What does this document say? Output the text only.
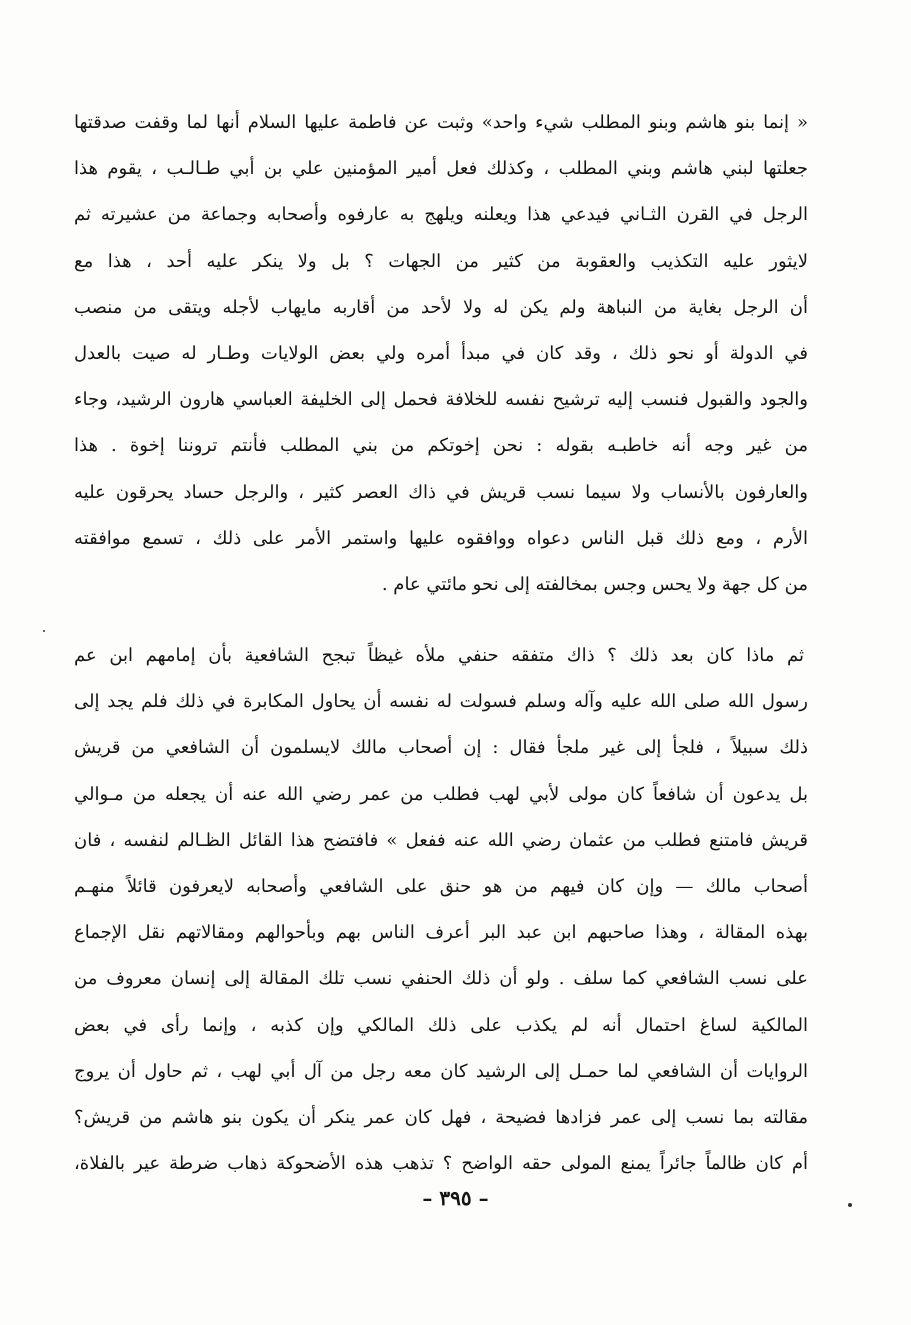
« إنما بنو هاشم وبنو المطلب شيء واحد» وثبت عن فاطمة عليها السلام أنها لما وقفت صدقتها
جعلتها لبني هاشم وبني المطلب ، وكذلك فعل أمير المؤمنين علي بن أبي طـالـب ، يقوم هذا
الرجل في القرن الثـاني فيدعي هذا ويعلنه ويلهج به عارفوه وأصحابه وجماعة من عشيرته ثم
لايثور عليه التكذيب والعقوبة من كثير من الجهات ؟ بل ولا ينكر عليه أحد ، هذا مع
أن الرجل بغاية من النباهة ولم يكن له ولا لأحد من أقاربه مايهاب لأجله ويتقى من منصب
في الدولة أو نحو ذلك ، وقد كان في مبدأ أمره ولي بعض الولايات وطـار له صيت بالعدل
والجود والقبول فنسب إليه ترشيح نفسه للخلافة فحمل إلى الخليفة العباسي هارون الرشيد، وجاء
من غير وجه أنه خاطبـه بقوله : نحن إخوتكم من بني المطلب فأنتم تروننا إخوة . هذا
والعارفون بالأنساب ولا سيما نسب قريش في ذاك العصر كثير ، والرجل حساد يحرقون عليه
الأرم ، ومع ذلك قبل الناس دعواه ووافقوه عليها واستمر الأمر على ذلك ، تسمع موافقته
من كل جهة ولا يحس وجس بمخالفته إلى نحو مائتي عام .
ثم ماذا كان بعد ذلك ؟ ذاك متفقه حنفي ملأه غيظاً تبجح الشافعية بأن إمامهم ابن عم
رسول الله صلى الله عليه وآله وسلم فسولت له نفسه أن يحاول المكابرة في ذلك فلم يجد إلى
ذلك سبيلاً ، فلجأ إلى غير ملجأ فقال : إن أصحاب مالك لايسلمون أن الشافعي من قريش
بل يدعون أن شافعاً كان مولى لأبي لهب فطلب من عمر رضي الله عنه أن يجعله من مـوالي
قريش فامتنع فطلب من عثمان رضي الله عنه ففعل » فافتضح هذا القائل الظـالم لنفسه ، فان
أصحاب مالك — وإن كان فيهم من هو حنق على الشافعي وأصحابه لايعرفون قائلاً منهـم
بهذه المقالة ، وهذا صاحبهم ابن عبد البر أعرف الناس بهم وبأحوالهم ومقالاتهم نقل الإجماع
على نسب الشافعي كما سلف . ولو أن ذلك الحنفي نسب تلك المقالة إلى إنسان معروف من
المالكية لساغ احتمال أنه لم يكذب على ذلك المالكي وإن كذبه ، وإنما رأى في بعض
الروايات أن الشافعي لما حمـل إلى الرشيد كان معه رجل من آل أبي لهب ، ثم حاول أن يروج
مقالته بما نسب إلى عمر فزادها فضيحة ، فهل كان عمر ينكر أن يكون بنو هاشم من قريش؟
أم كان ظالماً جائراً يمنع المولى حقه الواضح ؟ تذهب هذه الأضحوكة ذهاب ضرطة عير بالفلاة،
– ٣٩٥ –
